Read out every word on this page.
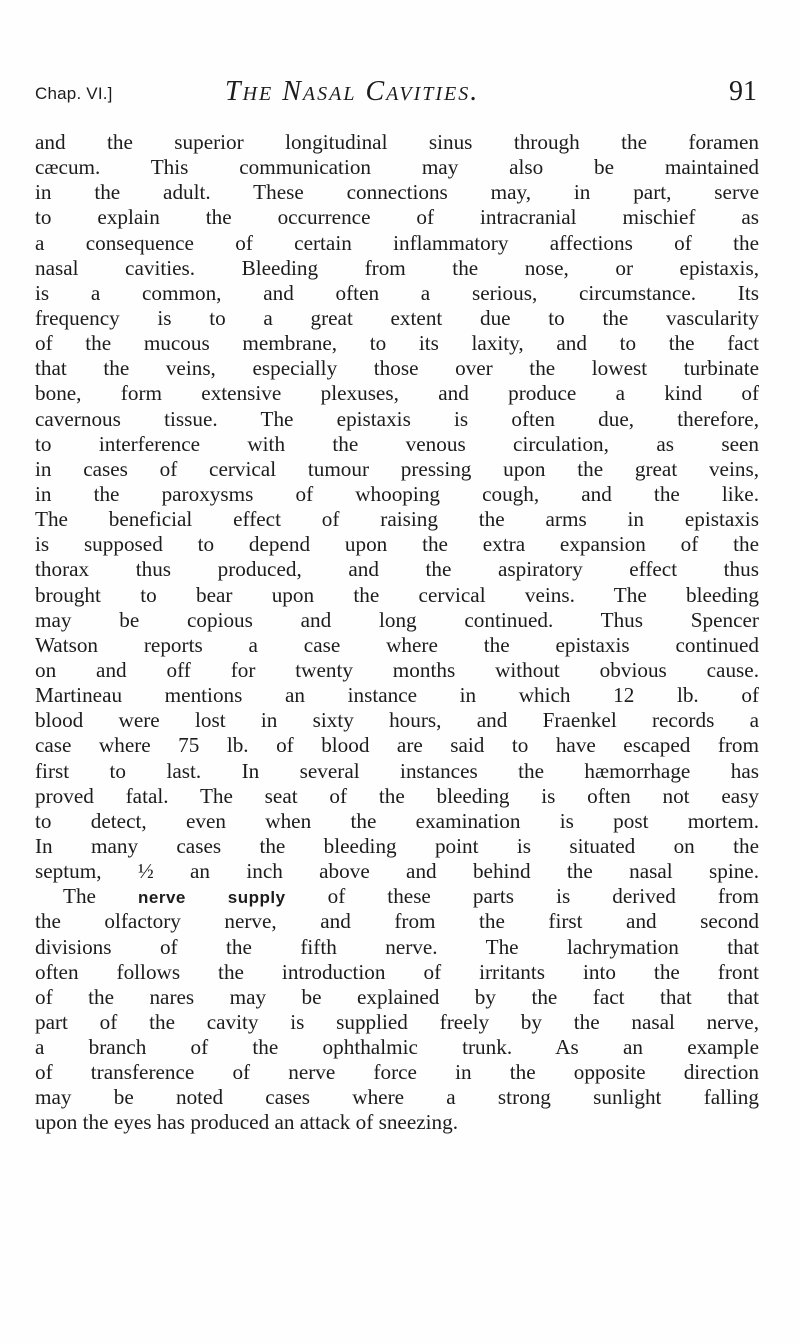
Chap. VI.]	The Nasal Cavities.	91
and the superior longitudinal sinus through the foramen
cæcum. This communication may also be maintained
in the adult. These connections may, in part, serve
to explain the occurrence of intracranial mischief as
a consequence of certain inflammatory affections of the
nasal cavities. Bleeding from the nose, or epistaxis,
is a common, and often a serious, circumstance. Its
frequency is to a great extent due to the vascularity
of the mucous membrane, to its laxity, and to the fact
that the veins, especially those over the lowest turbinate
bone, form extensive plexuses, and produce a kind of
cavernous tissue. The epistaxis is often due, therefore,
to interference with the venous circulation, as seen
in cases of cervical tumour pressing upon the great veins,
in the paroxysms of whooping cough, and the like.
The beneficial effect of raising the arms in epistaxis
is supposed to depend upon the extra expansion of the
thorax thus produced, and the aspiratory effect thus
brought to bear upon the cervical veins. The bleeding
may be copious and long continued. Thus Spencer
Watson reports a case where the epistaxis continued
on and off for twenty months without obvious cause.
Martineau mentions an instance in which 12 lb. of
blood were lost in sixty hours, and Fraenkel records a
case where 75 lb. of blood are said to have escaped from
first to last. In several instances the hæmorrhage has
proved fatal. The seat of the bleeding is often not easy
to detect, even when the examination is post mortem.
In many cases the bleeding point is situated on the
septum, ½ an inch above and behind the nasal spine.
The nerve supply of these parts is derived from
the olfactory nerve, and from the first and second
divisions of the fifth nerve. The lachrymation that
often follows the introduction of irritants into the front
of the nares may be explained by the fact that that
part of the cavity is supplied freely by the nasal nerve,
a branch of the ophthalmic trunk. As an example
of transference of nerve force in the opposite direction
may be noted cases where a strong sunlight falling
upon the eyes has produced an attack of sneezing.
